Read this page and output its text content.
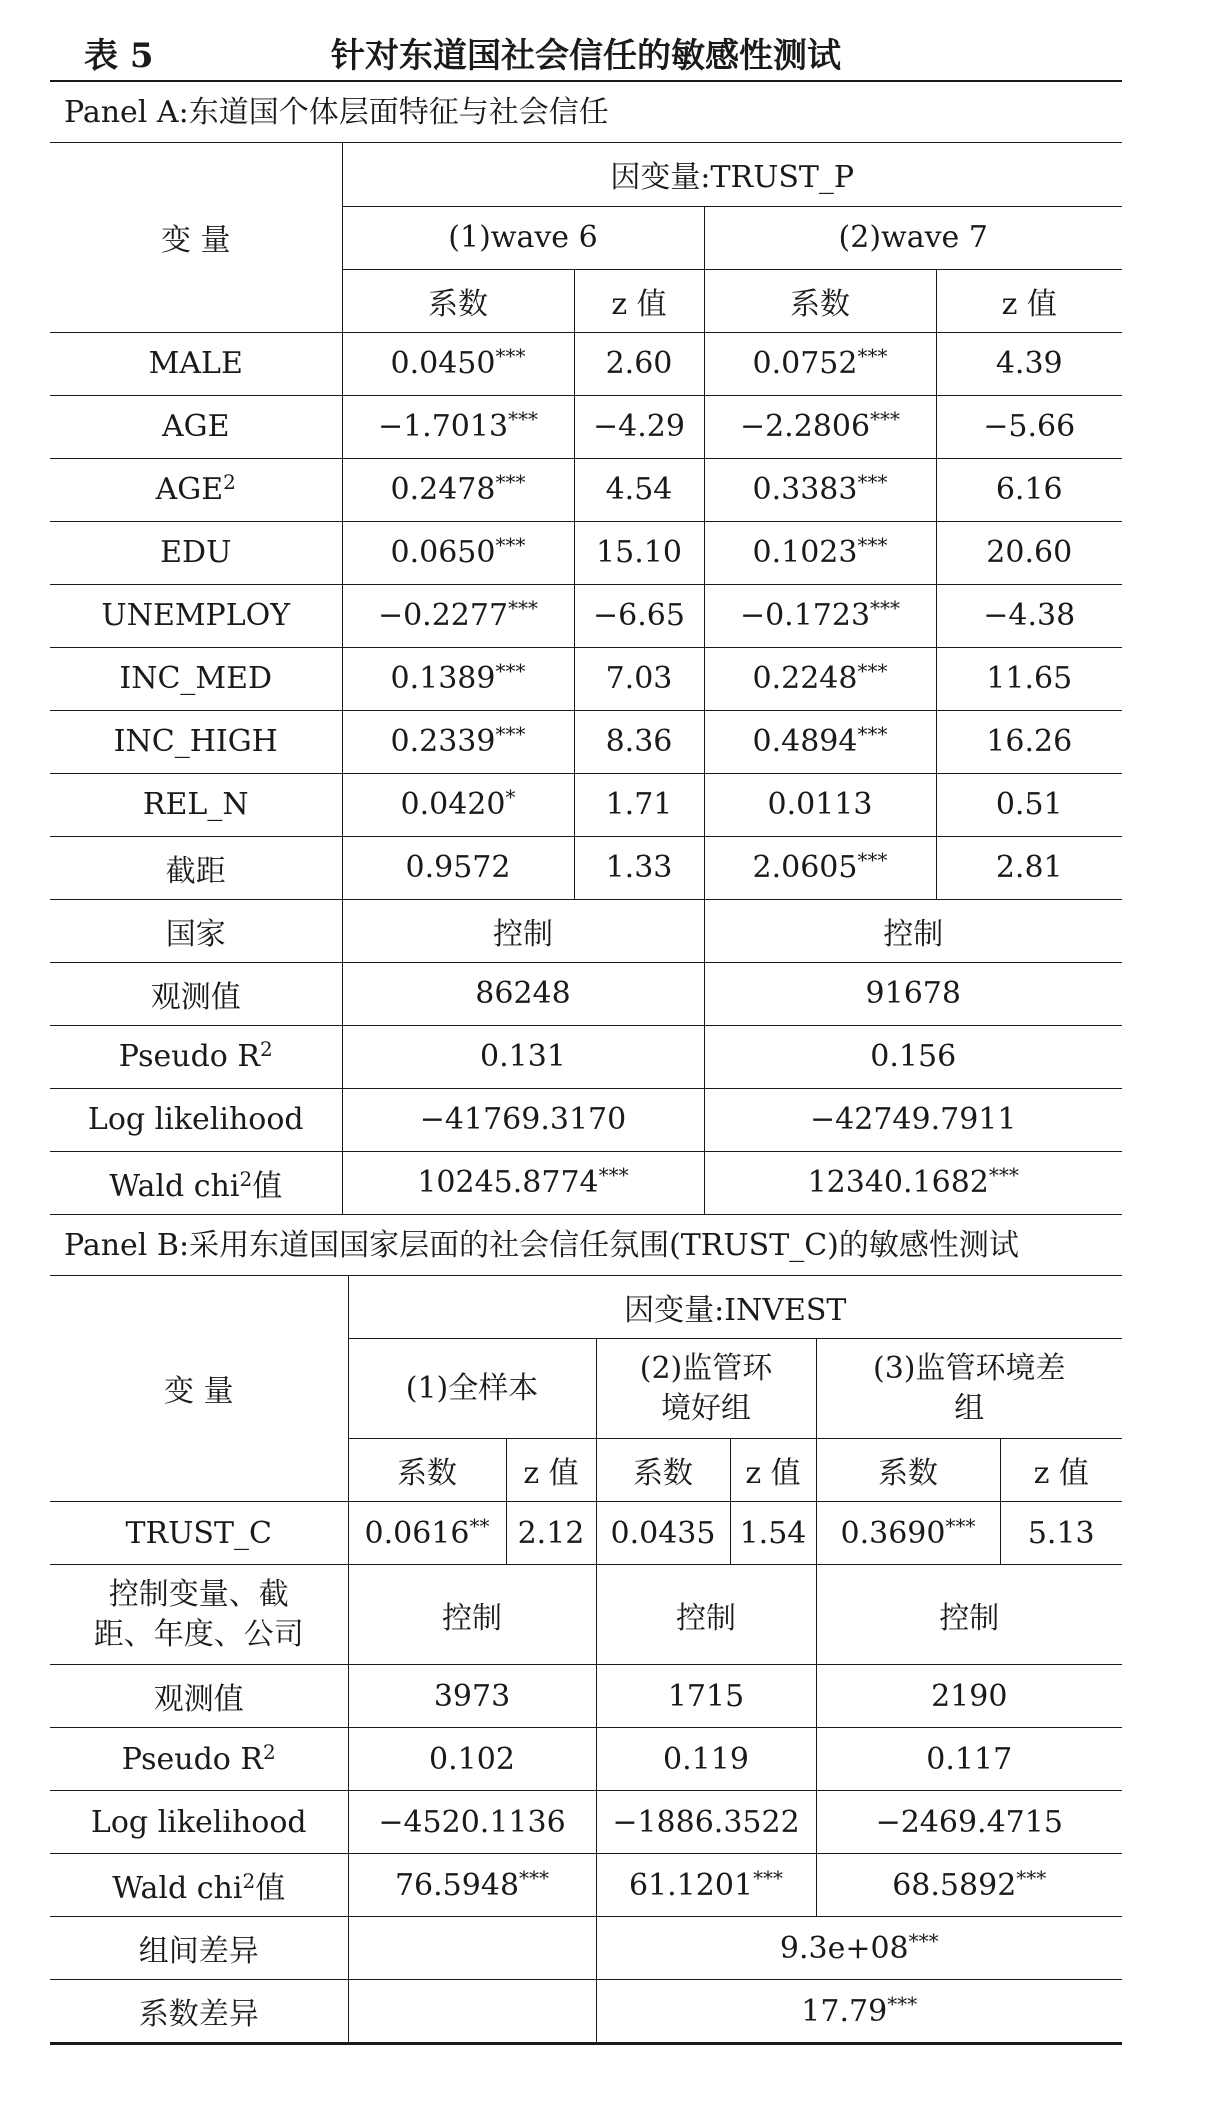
表 5	针对东道国社会信任的敏感性测试
Panel A:东道国个体层面特征与社会信任
变 量	因变量:TRUST_P			
	(1)wave 6		(2)wave 7	
	系数	z 值	系数	z 值
MALE	0.0450***	2.60	0.0752***	4.39
AGE	−1.7013***	−4.29	−2.2806***	−5.66
AGE$^2$	0.2478***	4.54	0.3383***	6.16
EDU	0.0650***	15.10	0.1023***	20.60
UNEMPLOY	−0.2277***	−6.65	−0.1723***	−4.38
INC_MED	0.1389***	7.03	0.2248***	11.65
INC_HIGH	0.2339***	8.36	0.4894***	16.26
REL_N	0.0420*	1.71	0.0113	0.51
截距	0.9572	1.33	2.0605***	2.81
国家	控制		控制	
观测值	86248		91678	
Pseudo $R^2$	0.131		0.156	
Log likelihood	−41769.3170		−42749.7911	
Wald chi$^2$值	10245.8774***		12340.1682***
Panel B:采用东道国国家层面的社会信任氛围(TRUST_C)的敏感性测试
变 量	因变量:INVEST					
	(1)全样本		(2)监管环境好组		(3)监管环境差组	
	系数	z 值	系数	z 值	系数	z 值
TRUST_C	0.0616**	2.12	0.0435	1.54	0.3690***	5.13
控制变量、截距、年度、公司	控制		控制		控制	
观测值	3973		1715		2190	
Pseudo $R^2$	0.102		0.119		0.117	
Log likelihood	−4520.1136		−1886.3522		−2469.4715	
Wald chi$^2$值	76.5948***		61.1201***		68.5892***
组间差异			9.3e+08***
系数差异			17.79***
